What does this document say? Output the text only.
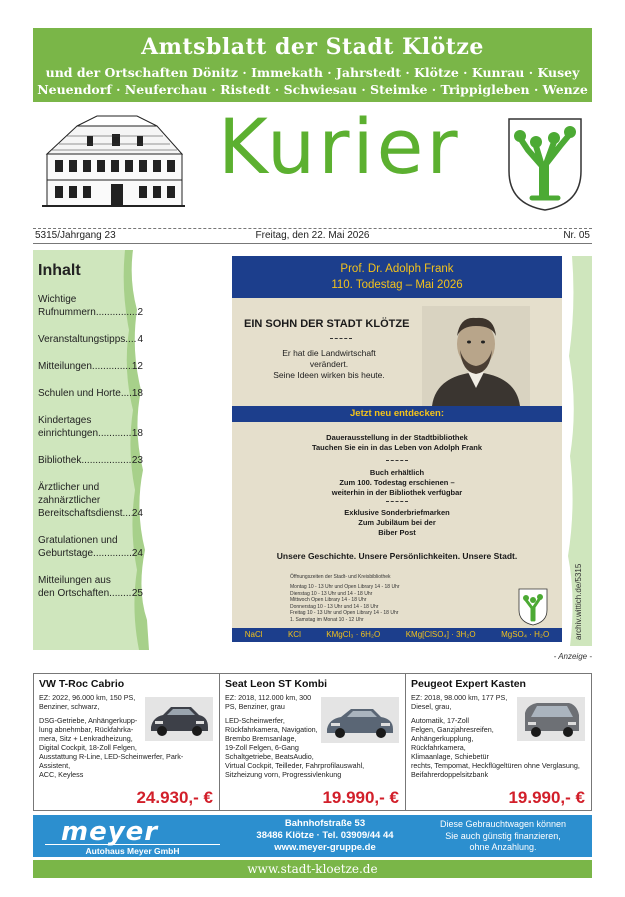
Amtsblatt der Stadt Klötze
und der Ortschaften Dönitz · Immekath · Jahrstedt · Klötze · Kunrau · Kusey
Neuendorf · Neuferchau · Ristedt · Schwiesau · Steimke · Trippigleben · Wenze
Kurier
5315/Jahrgang 23	Freitag, den 22. Mai 2026	Nr. 05
Inhalt
Wichtige
Rufnummern .....	2
Veranstaltungstipps ..... 4
Mitteilungen .....	12
Schulen und Horte ..... 18
Kindertages
einrichtungen .....	18
Bibliothek .....	23
Ärztlicher und
zahnärztlicher
Bereitschaftsdienst ..... 24
Gratulationen und
Geburtstage .....	24
Mitteilungen aus
den Ortschaften ..... 25	archiv.wittich.de/5315
Prof. Dr. Adolph Frank
110. Todestag – Mai 2026
EIN SOHN DER STADT KLÖTZE
Er hat die Landwirtschaft
verändert.
Seine Ideen wirken bis heute.
Jetzt neu entdecken:
Dauerausstellung in der Stadtbibliothek
Tauchen Sie ein in das Leben von Adolph Frank
Buch erhältlich
Zum 100. Todestag erschienen –
weiterhin in der Bibliothek verfügbar
Exklusive Sonderbriefmarken
Zum Jubiläum bei der
Biber Post
Unsere Geschichte. Unsere Persönlichkeiten. Unsere Stadt.
Öffnungszeiten der Stadt- und Kreisbibliothek
Montag 10 - 13 Uhr und Open Library 14 - 18 Uhr
Dienstag 10 - 13 Uhr und 14 - 18 Uhr
Mittwoch Open Library 14 - 18 Uhr
Donnerstag 10 - 13 Uhr und 14 - 18 Uhr
Freitag 10 - 13 Uhr und Open Library 14 - 18 Uhr
1. Samstag im Monat 10 - 12 Uhr
NaCl	KCl	KMgCl₃ · 6H₂O	KMg[ClSO₄] · 3H₂O	MgSO₄ · H₂O
- Anzeige -
VW T-Roc Cabrio
EZ: 2022, 96.000 km, 150 PS,
Benziner, schwarz,
DSG-Getriebe, Anhängerkupp-
lung abnehmbar, Rückfahrka-
mera, Sitz + Lenkradheizung,
Digital Cockpit, 18-Zoll Felgen,
Ausstattung R-Line, LED-Scheinwerfer, Park-Assistent,
ACC, Keyless
24.930,- €
Seat Leon ST Kombi
EZ: 2018, 112.000 km, 300
PS, Benziner, grau
LED-Scheinwerfer,
Rückfahrkamera, Navigation,
Brembo Bremsanlage,
19-Zoll Felgen, 6-Gang
Schaltgetriebe, BeatsAudio,
Virtual Cockpit, Teilleder, Fahrprofilauswahl,
Sitzheizung vorn, Progressivlenkung
19.990,- €
Peugeot Expert Kasten
EZ: 2018, 98.000 km, 177 PS,
Diesel, grau,
Automatik, 17-Zoll
Felgen, Ganzjahresreifen,
Anhängerkupplung,
Rückfahrkamera,
Klimaanlage, Schiebetür
rechts, Tempomat, Heckflügeltüren ohne Verglasung,
Beifahrerdoppelsitzbank
19.990,- €
meyer
Autohaus Meyer GmbH
Bahnhofstraße 53
38486 Klötze · Tel. 03909/44 44
www.meyer-gruppe.de
Diese Gebrauchtwagen können
Sie auch günstig finanzieren,
ohne Anzahlung.
www.stadt-kloetze.de
